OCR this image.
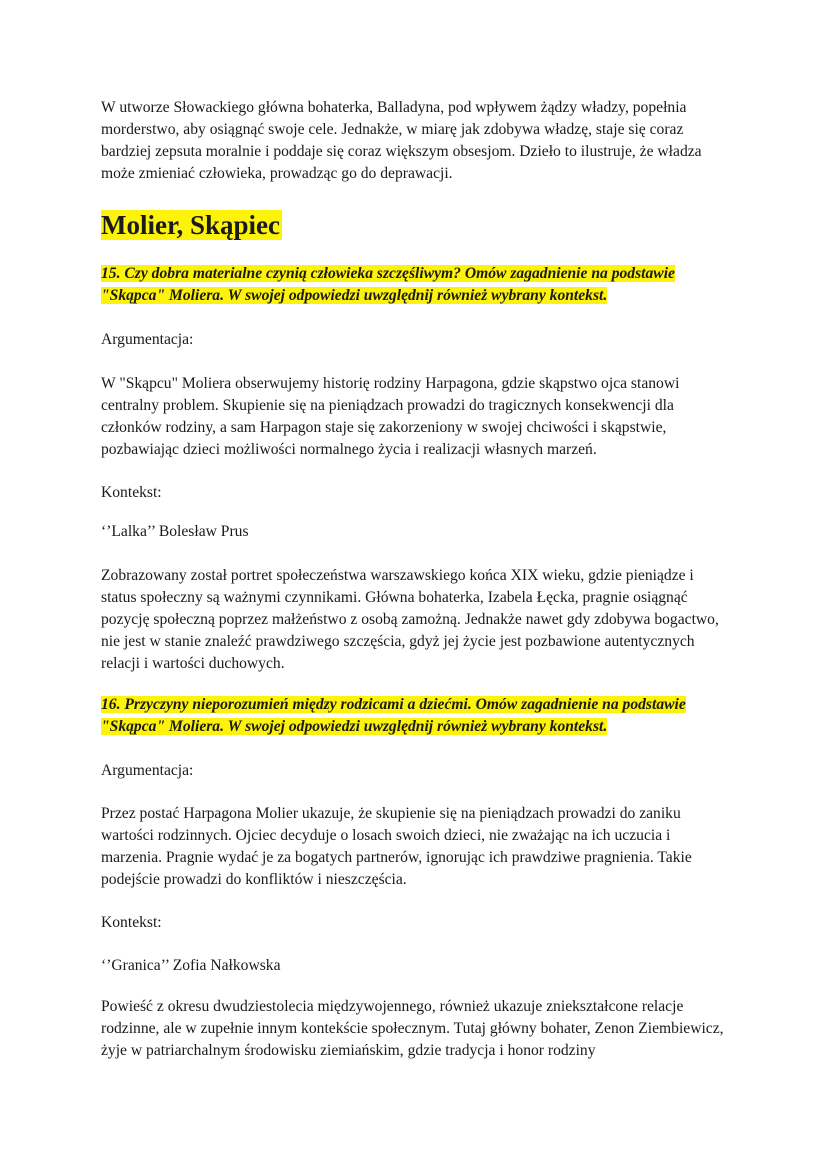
W utworze Słowackiego główna bohaterka, Balladyna, pod wpływem żądzy władzy, popełnia morderstwo, aby osiągnąć swoje cele. Jednakże, w miarę jak zdobywa władzę, staje się coraz bardziej zepsuta moralnie i poddaje się coraz większym obsesjom. Dzieło to ilustruje, że władza może zmieniać człowieka, prowadząc go do deprawacji.

Molier, Skąpiec

15. Czy dobra materialne czynią człowieka szczęśliwym? Omów zagadnienie na podstawie "Skąpca" Moliera. W swojej odpowiedzi uwzględnij również wybrany kontekst.

Argumentacja:

W "Skąpcu" Moliera obserwujemy historię rodziny Harpagona, gdzie skąpstwo ojca stanowi centralny problem. Skupienie się na pieniądzach prowadzi do tragicznych konsekwencji dla członków rodziny, a sam Harpagon staje się zakorzeniony w swojej chciwości i skąpstwie, pozbawiając dzieci możliwości normalnego życia i realizacji własnych marzeń.

Kontekst:

‘’Lalka’’ Bolesław Prus

Zobrazowany został portret społeczeństwa warszawskiego końca XIX wieku, gdzie pieniądze i status społeczny są ważnymi czynnikami. Główna bohaterka, Izabela Łęcka, pragnie osiągnąć pozycję społeczną poprzez małżeństwo z osobą zamożną. Jednakże nawet gdy zdobywa bogactwo, nie jest w stanie znaleźć prawdziwego szczęścia, gdyż jej życie jest pozbawione autentycznych relacji i wartości duchowych.

16. Przyczyny nieporozumień między rodzicami a dziećmi. Omów zagadnienie na podstawie "Skąpca" Moliera. W swojej odpowiedzi uwzględnij również wybrany kontekst.

Argumentacja:

Przez postać Harpagona Molier ukazuje, że skupienie się na pieniądzach prowadzi do zaniku wartości rodzinnych. Ojciec decyduje o losach swoich dzieci, nie zważając na ich uczucia i marzenia. Pragnie wydać je za bogatych partnerów, ignorując ich prawdziwe pragnienia. Takie podejście prowadzi do konfliktów i nieszczęścia.

Kontekst:

‘’Granica’’ Zofia Nałkowska

Powieść z okresu dwudziestolecia międzywojennego, również ukazuje zniekształcone relacje rodzinne, ale w zupełnie innym kontekście społecznym. Tutaj główny bohater, Zenon Ziembiewicz, żyje w patriarchalnym środowisku ziemiańskim, gdzie tradycja i honor rodziny
